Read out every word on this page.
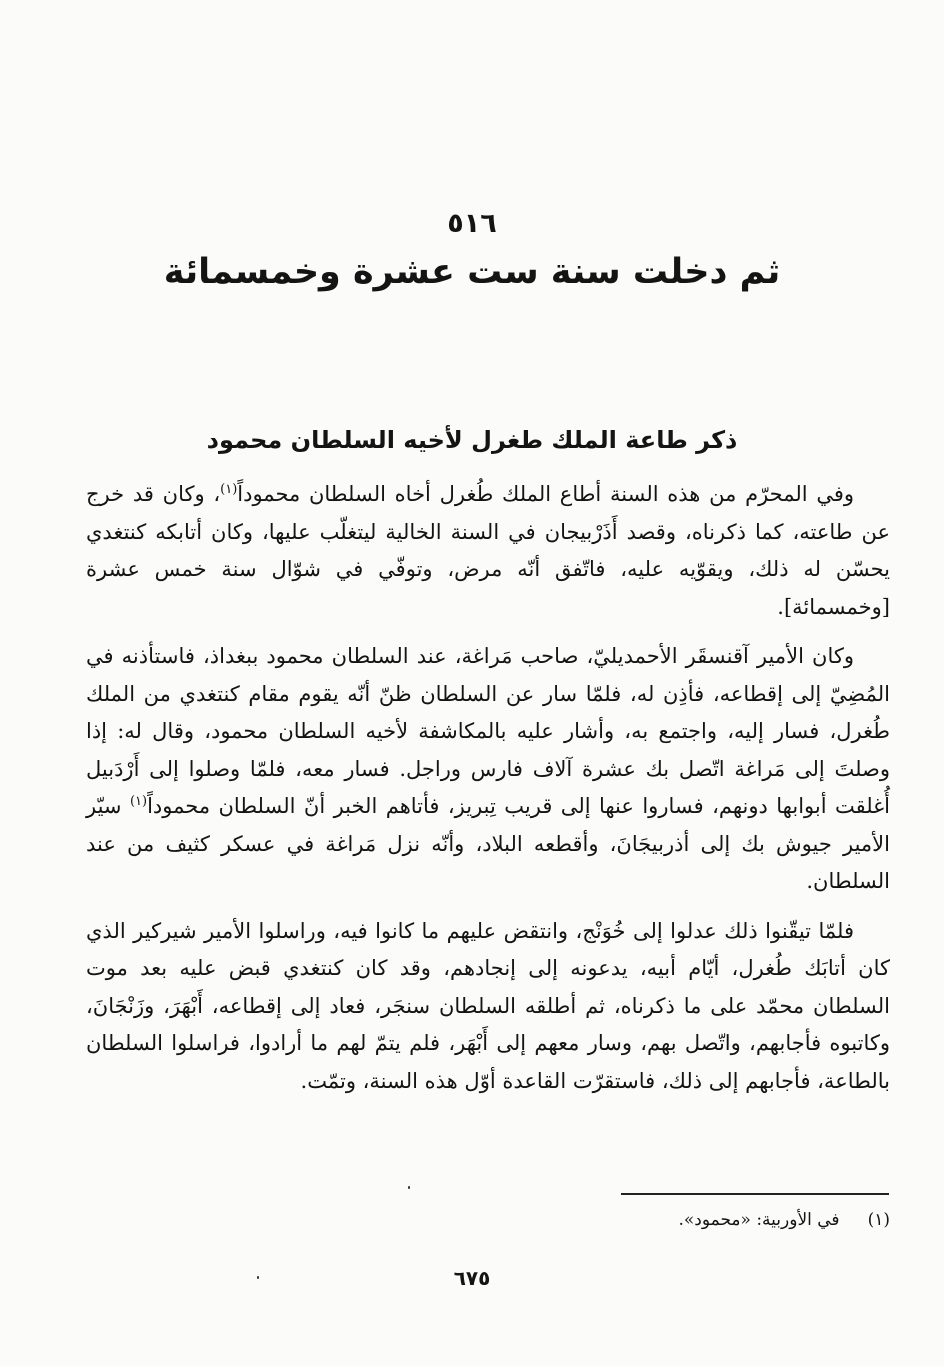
٥١٦
ثم دخلت سنة ست عشرة وخمسمائة
ذكر طاعة الملك طغرل لأخيه السلطان محمود

وفي المحرّم من هذه السنة أطاع الملك طُغرل أخاه السلطان محموداً$^{(١)}$، وكان قد خرج عن طاعته، كما ذكرناه، وقصد أَذَرْبيجان في السنة الخالية ليتغلّب عليها، وكان أتابكه كنتغدي يحسّن له ذلك، ويقوّيه عليه، فاتّفق أنّه مرض، وتوفّي في شوّال سنة خمس عشرة [وخمسمائة].

وكان الأمير آقنسقَر الأحمديليّ، صاحب مَراغة، عند السلطان محمود ببغداذ، فاستأذنه في المُضِيّ إلى إقطاعه، فأذِن له، فلمّا سار عن السلطان ظنّ أنّه يقوم مقام كنتغدي من الملك طُغرل، فسار إليه، واجتمع به، وأشار عليه بالمكاشفة لأخيه السلطان محمود، وقال له: إذا وصلتَ إلى مَراغة اتّصل بك عشرة آلاف فارس وراجل. فسار معه، فلمّا وصلوا إلى أَرْدَبيل أُغلقت أبوابها دونهم، فساروا عنها إلى قريب تِبريز، فأتاهم الخبر أنّ السلطان محموداً$^{(١)}$ سيّر الأمير جيوش بك إلى أذربيجَانَ، وأقطعه البلاد، وأنّه نزل مَراغة في عسكر كثيف من عند السلطان.

فلمّا تيقّنوا ذلك عدلوا إلى خُوَنْج، وانتقض عليهم ما كانوا فيه، وراسلوا الأمير شيركير الذي كان أتابَك طُغرل، أيّام أبيه، يدعونه إلى إنجادهم، وقد كان كنتغدي قبض عليه بعد موت السلطان محمّد على ما ذكرناه، ثم أطلقه السلطان سنجَر، فعاد إلى إقطاعه، أَبْهَرَ، وزَنْجَانَ، وكاتبوه فأجابهم، واتّصل بهم، وسار معهم إلى أَبْهَر، فلم يتمّ لهم ما أرادوا، فراسلوا السلطان بالطاعة، فأجابهم إلى ذلك، فاستقرّت القاعدة أوّل هذه السنة، وتمّت.

(١)في الأوربية: «محمود».
٦٧٥
